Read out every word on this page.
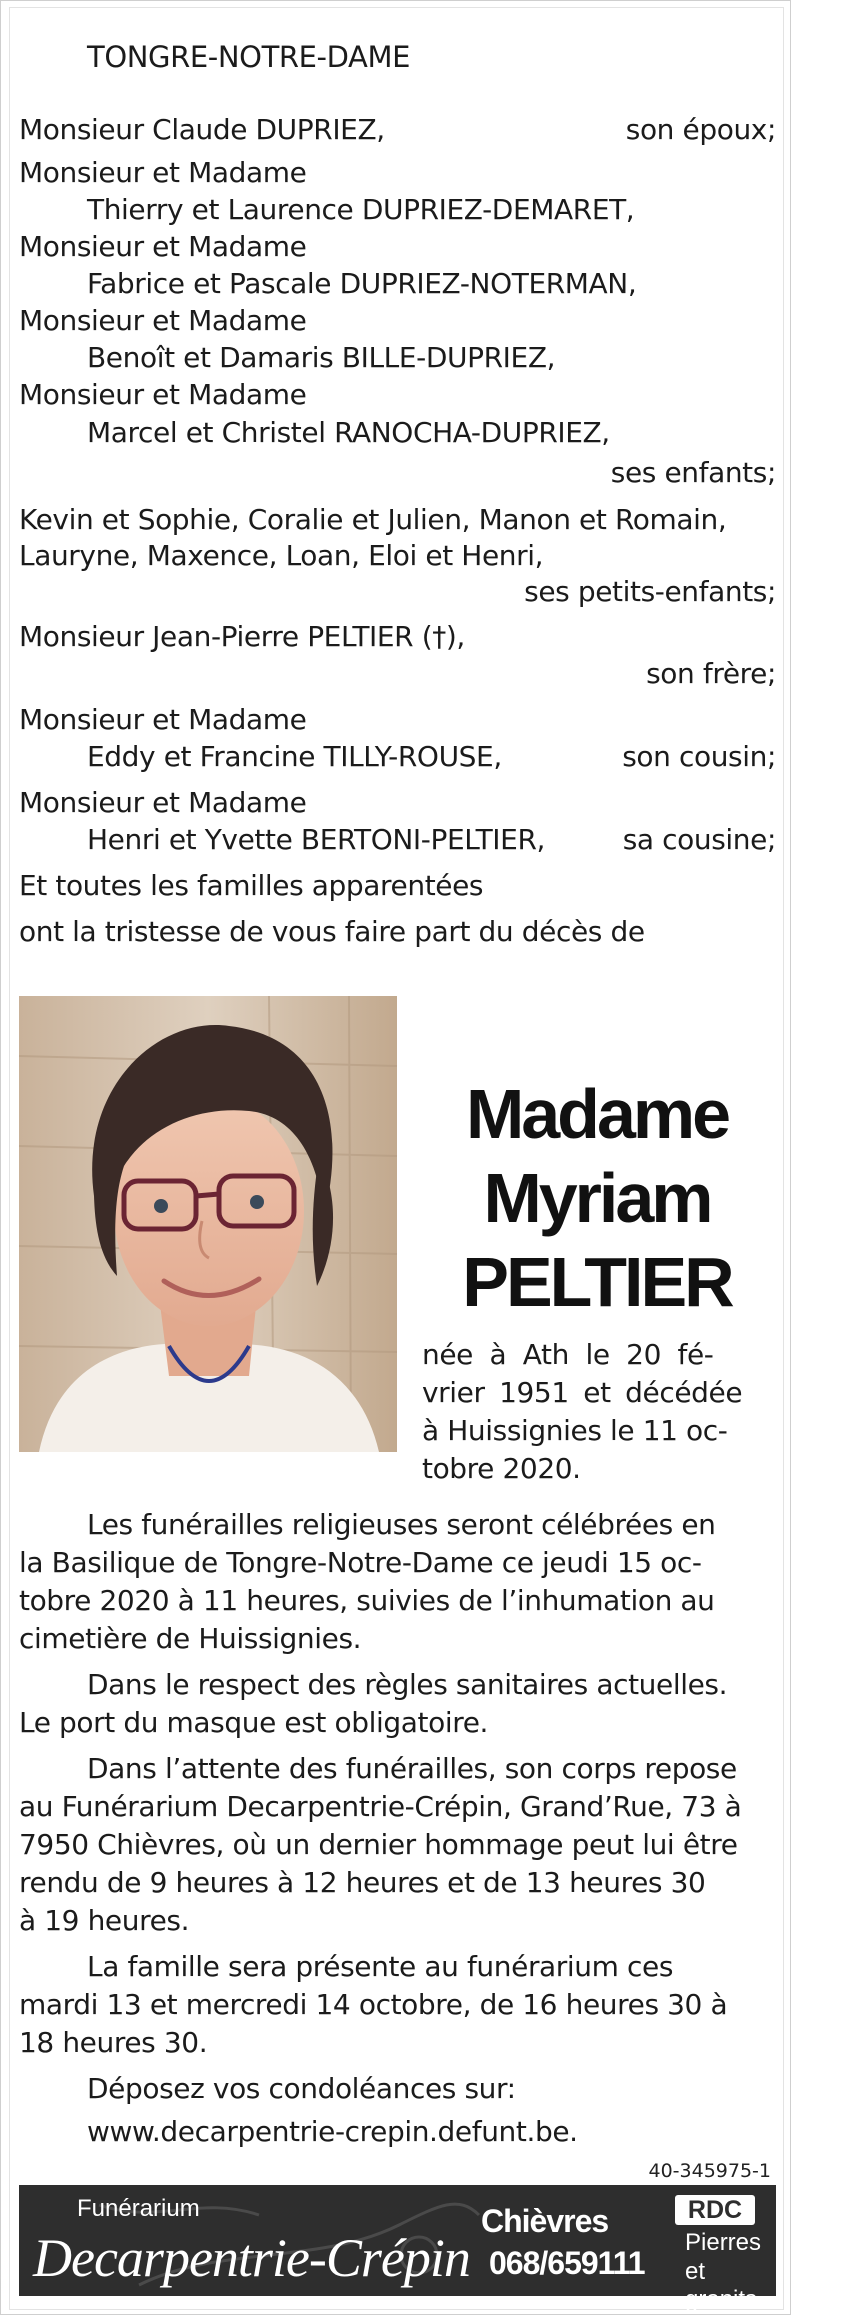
TONGRE-NOTRE-DAME
Monsieur Claude DUPRIEZ,	son époux;
Monsieur et Madame
Thierry et Laurence DUPRIEZ-DEMARET,
Monsieur et Madame
Fabrice et Pascale DUPRIEZ-NOTERMAN,
Monsieur et Madame
Benoît et Damaris BILLE-DUPRIEZ,
Monsieur et Madame
Marcel et Christel RANOCHA-DUPRIEZ,
ses enfants;
Kevin et Sophie, Coralie et Julien, Manon et Romain,
Lauryne, Maxence, Loan, Eloi et Henri,
ses petits-enfants;
Monsieur Jean-Pierre PELTIER (†),
son frère;
Monsieur et Madame
Eddy et Francine TILLY-ROUSE,	son cousin;
Monsieur et Madame
Henri et Yvette BERTONI-PELTIER,	sa cousine;
Et toutes les familles apparentées
ont la tristesse de vous faire part du décès de
Madame
Myriam
PELTIER
née à Ath le 20 fé-
vrier 1951 et décédée
à Huissignies le 11 oc-
tobre 2020.
Les funérailles religieuses seront célébrées en
la Basilique de Tongre-Notre-Dame ce jeudi 15 oc-
tobre 2020 à 11 heures, suivies de l’inhumation au
cimetière de Huissignies.
Dans le respect des règles sanitaires actuelles.
Le port du masque est obligatoire.
Dans l’attente des funérailles, son corps repose
au Funérarium Decarpentrie-Crépin, Grand’Rue, 73 à
7950 Chièvres, où un dernier hommage peut lui être
rendu de 9 heures à 12 heures et de 13 heures 30
à 19 heures.
La famille sera présente au funérarium ces
mardi 13 et mercredi 14 octobre, de 16 heures 30 à
18 heures 30.
Déposez vos condoléances sur:
www.decarpentrie-crepin.defunt.be.
40-345975-1
Funérarium
Decarpentrie-Crépin
Chièvres
068/659111
RDC
Pierres
et granits
